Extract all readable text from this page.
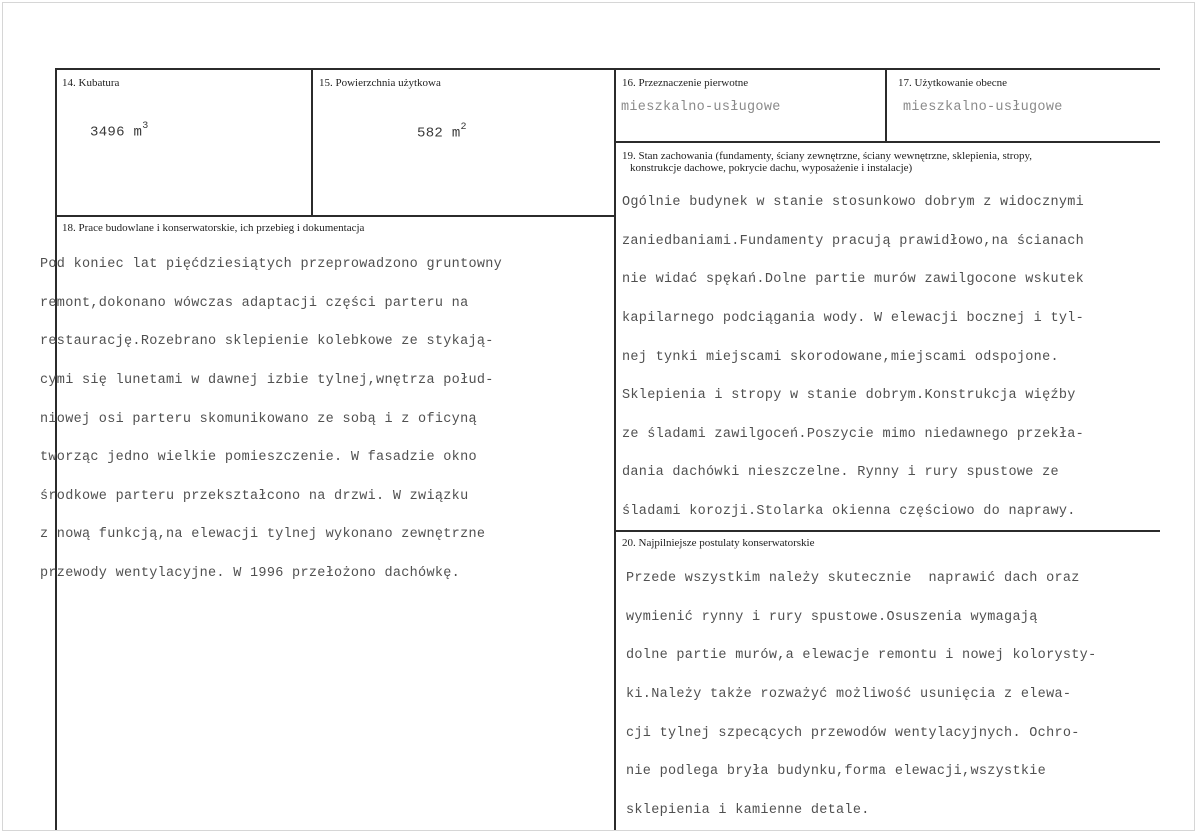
14. Kubatura
3496 $m^3$
15. Powierzchnia użytkowa
582 $m^2$
16. Przeznaczenie pierwotne
mieszkalno-usługowe
17. Użytkowanie obecne
mieszkalno-usługowe
18. Prace budowlane i konserwatorskie, ich przebieg i dokumentacja

Pod koniec lat pięćdziesiątych przeprowadzono gruntowny

remont,dokonano wówczas adaptacji części parteru na

restaurację.Rozebrano sklepienie kolebkowe ze stykają-

cymi się lunetami w dawnej izbie tylnej,wnętrza połud-

niowej osi parteru skomunikowano ze sobą i z oficyną

tworząc jedno wielkie pomieszczenie. W fasadzie okno

środkowe parteru przekształcono na drzwi. W związku

z nową funkcją,na elewacji tylnej wykonano zewnętrzne

przewody wentylacyjne. W 1996 przełożono dachówkę.

19. Stan zachowania (fundamenty, ściany zewnętrzne, ściany wewnętrzne, sklepienia, stropy,
konstrukcje dachowe, pokrycie dachu, wyposażenie i instalacje)

Ogólnie budynek w stanie stosunkowo dobrym z widocznymi

zaniedbaniami.Fundamenty pracują prawidłowo,na ścianach

nie widać spękań.Dolne partie murów zawilgocone wskutek

kapilarnego podciągania wody. W elewacji bocznej i tyl-

nej tynki miejscami skorodowane,miejscami odspojone.

Sklepienia i stropy w stanie dobrym.Konstrukcja więźby

ze śladami zawilgoceń.Poszycie mimo niedawnego przekła-

dania dachówki nieszczelne. Rynny i rury spustowe ze

śladami korozji.Stolarka okienna częściowo do naprawy.

20. Najpilniejsze postulaty konserwatorskie

Przede wszystkim należy skutecznie  naprawić dach oraz

wymienić rynny i rury spustowe.Osuszenia wymagają

dolne partie murów,a elewacje remontu i nowej kolorysty-

ki.Należy także rozważyć możliwość usunięcia z elewa-

cji tylnej szpecących przewodów wentylacyjnych. Ochro-

nie podlega bryła budynku,forma elewacji,wszystkie

sklepienia i kamienne detale.
